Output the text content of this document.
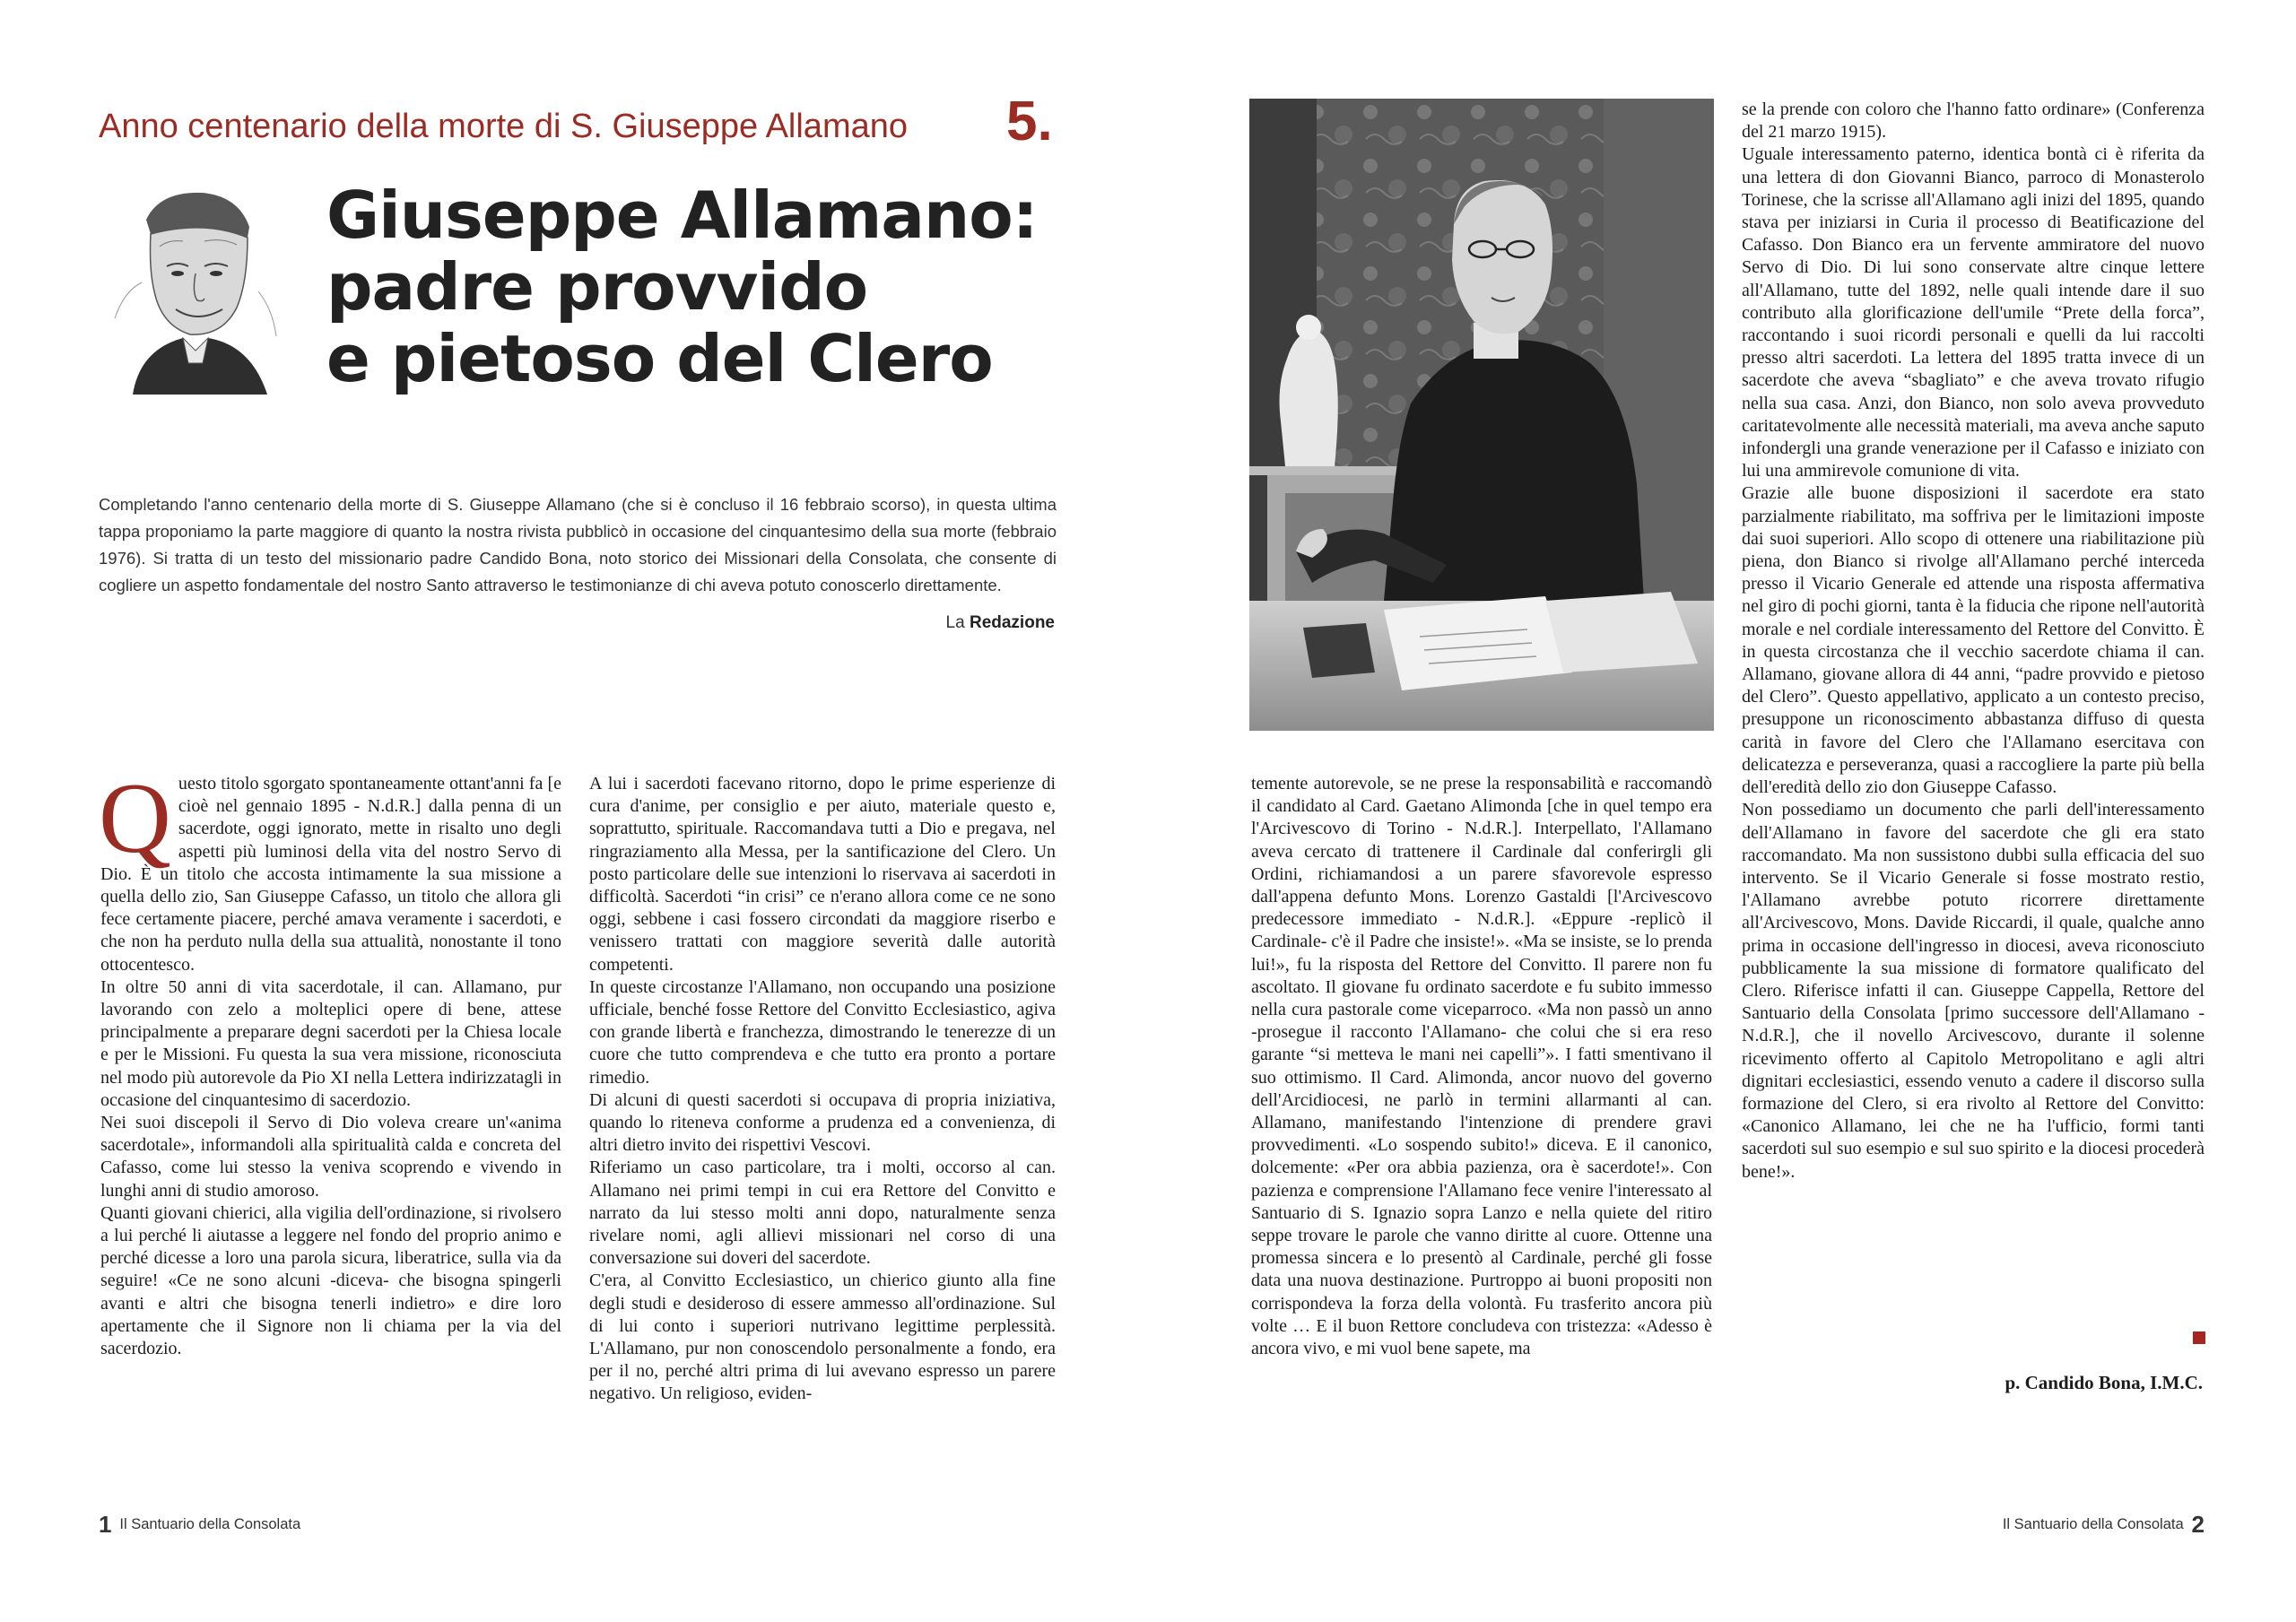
Anno centenario della morte di S. Giuseppe Allamano 5.
Giuseppe Allamano:
padre provvido
e pietoso del Clero
Completando l'anno centenario della morte di S. Giuseppe Allamano (che si è concluso il 16 febbraio scorso), in questa ultima tappa proponiamo la parte maggiore di quanto la nostra rivista pubblicò in occasione del cinquantesimo della sua morte (febbraio 1976). Si tratta di un testo del missionario padre Candido Bona, noto storico dei Missionari della Consolata, che consente di cogliere un aspetto fondamentale del nostro Santo attraverso le testimonianze di chi aveva potuto conoscerlo direttamente.
La Redazione

Questo titolo sgorgato spontaneamente ottant'anni fa [e cioè nel gennaio 1895 - N.d.R.] dalla penna di un sacerdote, oggi ignorato, mette in risalto uno degli aspetti più luminosi della vita del nostro Servo di Dio. È un titolo che accosta intimamente la sua missione a quella dello zio, San Giuseppe Cafasso, un titolo che allora gli fece certamente piacere, perché amava veramente i sacerdoti, e che non ha perduto nulla della sua attualità, nonostante il tono ottocentesco.

In oltre 50 anni di vita sacerdotale, il can. Allamano, pur lavorando con zelo a molteplici opere di bene, attese principalmente a preparare degni sacerdoti per la Chiesa locale e per le Missioni. Fu questa la sua vera missione, riconosciuta nel modo più autorevole da Pio XI nella Lettera indirizzatagli in occasione del cinquantesimo di sacerdozio.

Nei suoi discepoli il Servo di Dio voleva creare un'«anima sacerdotale», informandoli alla spiritualità calda e concreta del Cafasso, come lui stesso la veniva scoprendo e vivendo in lunghi anni di studio amoroso.

Quanti giovani chierici, alla vigilia dell'ordinazione, si rivolsero a lui perché li aiutasse a leggere nel fondo del proprio animo e perché dicesse a loro una parola sicura, liberatrice, sulla via da seguire! «Ce ne sono alcuni -diceva- che bisogna spingerli avanti e altri che bisogna tenerli indietro» e dire loro apertamente che il Signore non li chiama per la via del sacerdozio.

A lui i sacerdoti facevano ritorno, dopo le prime esperienze di cura d'anime, per consiglio e per aiuto, materiale questo e, soprattutto, spirituale. Raccomandava tutti a Dio e pregava, nel ringraziamento alla Messa, per la santificazione del Clero. Un posto particolare delle sue intenzioni lo riservava ai sacerdoti in difficoltà. Sacerdoti “in crisi” ce n'erano allora come ce ne sono oggi, sebbene i casi fossero circondati da maggiore riserbo e venissero trattati con maggiore severità dalle autorità competenti.

In queste circostanze l'Allamano, non occupando una posizione ufficiale, benché fosse Rettore del Convitto Ecclesiastico, agiva con grande libertà e franchezza, dimostrando le tenerezze di un cuore che tutto comprendeva e che tutto era pronto a portare rimedio.

Di alcuni di questi sacerdoti si occupava di propria iniziativa, quando lo riteneva conforme a prudenza ed a convenienza, di altri dietro invito dei rispettivi Vescovi.

Riferiamo un caso particolare, tra i molti, occorso al can. Allamano nei primi tempi in cui era Rettore del Convitto e narrato da lui stesso molti anni dopo, naturalmente senza rivelare nomi, agli allievi missionari nel corso di una conversazione sui doveri del sacerdote.

C'era, al Convitto Ecclesiastico, un chierico giunto alla fine degli studi e desideroso di essere ammesso all'ordinazione. Sul di lui conto i superiori nutrivano legittime perplessità. L'Allamano, pur non conoscendolo personalmente a fondo, era per il no, perché altri prima di lui avevano espresso un parere negativo. Un religioso, eviden-

1 Il Santuario della Consolata

temente autorevole, se ne prese la responsabilità e raccomandò il candidato al Card. Gaetano Alimonda [che in quel tempo era l'Arcivescovo di Torino - N.d.R.]. Interpellato, l'Allamano aveva cercato di trattenere il Cardinale dal conferirgli gli Ordini, richiamandosi a un parere sfavorevole espresso dall'appena defunto Mons. Lorenzo Gastaldi [l'Arcivescovo predecessore immediato - N.d.R.]. «Eppure -replicò il Cardinale- c'è il Padre che insiste!». «Ma se insiste, se lo prenda lui!», fu la risposta del Rettore del Convitto. Il parere non fu ascoltato. Il giovane fu ordinato sacerdote e fu subito immesso nella cura pastorale come viceparroco. «Ma non passò un anno -prosegue il racconto l'Allamano- che colui che si era reso garante “si metteva le mani nei capelli”». I fatti smentivano il suo ottimismo. Il Card. Alimonda, ancor nuovo del governo dell'Arcidiocesi, ne parlò in termini allarmanti al can. Allamano, manifestando l'intenzione di prendere gravi provvedimenti. «Lo sospendo subito!» diceva. E il canonico, dolcemente: «Per ora abbia pazienza, ora è sacerdote!». Con pazienza e comprensione l'Allamano fece venire l'interessato al Santuario di S. Ignazio sopra Lanzo e nella quiete del ritiro seppe trovare le parole che vanno diritte al cuore. Ottenne una promessa sincera e lo presentò al Cardinale, perché gli fosse data una nuova destinazione. Purtroppo ai buoni propositi non corrispondeva la forza della volontà. Fu trasferito ancora più volte … E il buon Rettore concludeva con tristezza: «Adesso è ancora vivo, e mi vuol bene sapete, ma

se la prende con coloro che l'hanno fatto ordinare» (Conferenza del 21 marzo 1915).

Uguale interessamento paterno, identica bontà ci è riferita da una lettera di don Giovanni Bianco, parroco di Monasterolo Torinese, che la scrisse all'Allamano agli inizi del 1895, quando stava per iniziarsi in Curia il processo di Beatificazione del Cafasso. Don Bianco era un fervente ammiratore del nuovo Servo di Dio. Di lui sono conservate altre cinque lettere all'Allamano, tutte del 1892, nelle quali intende dare il suo contributo alla glorificazione dell'umile “Prete della forca”, raccontando i suoi ricordi personali e quelli da lui raccolti presso altri sacerdoti. La lettera del 1895 tratta invece di un sacerdote che aveva “sbagliato” e che aveva trovato rifugio nella sua casa. Anzi, don Bianco, non solo aveva provveduto caritatevolmente alle necessità materiali, ma aveva anche saputo infondergli una grande venerazione per il Cafasso e iniziato con lui una ammirevole comunione di vita.

Grazie alle buone disposizioni il sacerdote era stato parzialmente riabilitato, ma soffriva per le limitazioni imposte dai suoi superiori. Allo scopo di ottenere una riabilitazione più piena, don Bianco si rivolge all'Allamano perché interceda presso il Vicario Generale ed attende una risposta affermativa nel giro di pochi giorni, tanta è la fiducia che ripone nell'autorità morale e nel cordiale interessamento del Rettore del Convitto. È in questa circostanza che il vecchio sacerdote chiama il can. Allamano, giovane allora di 44 anni, “padre provvido e pietoso del Clero”. Questo appellativo, applicato a un contesto preciso, presuppone un riconoscimento abbastanza diffuso di questa carità in favore del Clero che l'Allamano esercitava con delicatezza e perseveranza, quasi a raccogliere la parte più bella dell'eredità dello zio don Giuseppe Cafasso.

Non possediamo un documento che parli dell'interessamento dell'Allamano in favore del sacerdote che gli era stato raccomandato. Ma non sussistono dubbi sulla efficacia del suo intervento. Se il Vicario Generale si fosse mostrato restio, l'Allamano avrebbe potuto ricorrere direttamente all'Arcivescovo, Mons. Davide Riccardi, il quale, qualche anno prima in occasione dell'ingresso in diocesi, aveva riconosciuto pubblicamente la sua missione di formatore qualificato del Clero. Riferisce infatti il can. Giuseppe Cappella, Rettore del Santuario della Consolata [primo successore dell'Allamano - N.d.R.], che il novello Arcivescovo, durante il solenne ricevimento offerto al Capitolo Metropolitano e agli altri dignitari ecclesiastici, essendo venuto a cadere il discorso sulla formazione del Clero, si era rivolto al Rettore del Convitto: «Canonico Allamano, lei che ne ha l'ufficio, formi tanti sacerdoti sul suo esempio e sul suo spirito e la diocesi procederà bene!».

p. Candido Bona, I.M.C.
Il Santuario della Consolata 2
